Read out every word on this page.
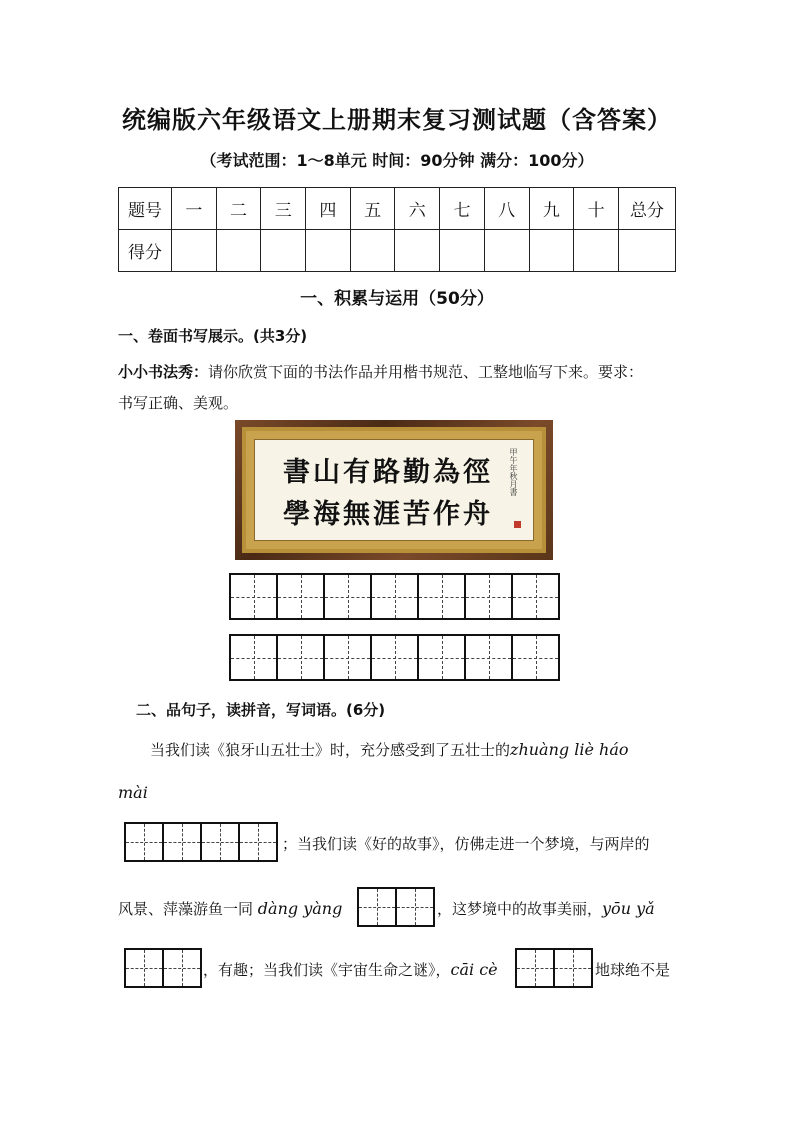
统编版六年级语文上册期末复习测试题（含答案）
（考试范围：1～8单元 时间：90分钟 满分：100分）
题号	一	二	三	四	五	六	七	八	九	十	总分
得分											
一、积累与运用（50分）
一、卷面书写展示。(共3分)
小小书法秀：请你欣赏下面的书法作品并用楷书规范、工整地临写下来。要求：
书写正确、美观。
書山有路勤為徑
學海無涯苦作舟
甲午年秋月書
二、品句子，读拼音，写词语。(6分)
当我们读《狼牙山五壮士》时，充分感受到了五壮士的zhuàng liè háo
mài
；当我们读《好的故事》，仿佛走进一个梦境，与两岸的
风景、萍藻游鱼一同 dàng yàng	，这梦境中的故事美丽，yōu yǎ
，有趣；当我们读《宇宙生命之谜》，cāi cè	地球绝不是
